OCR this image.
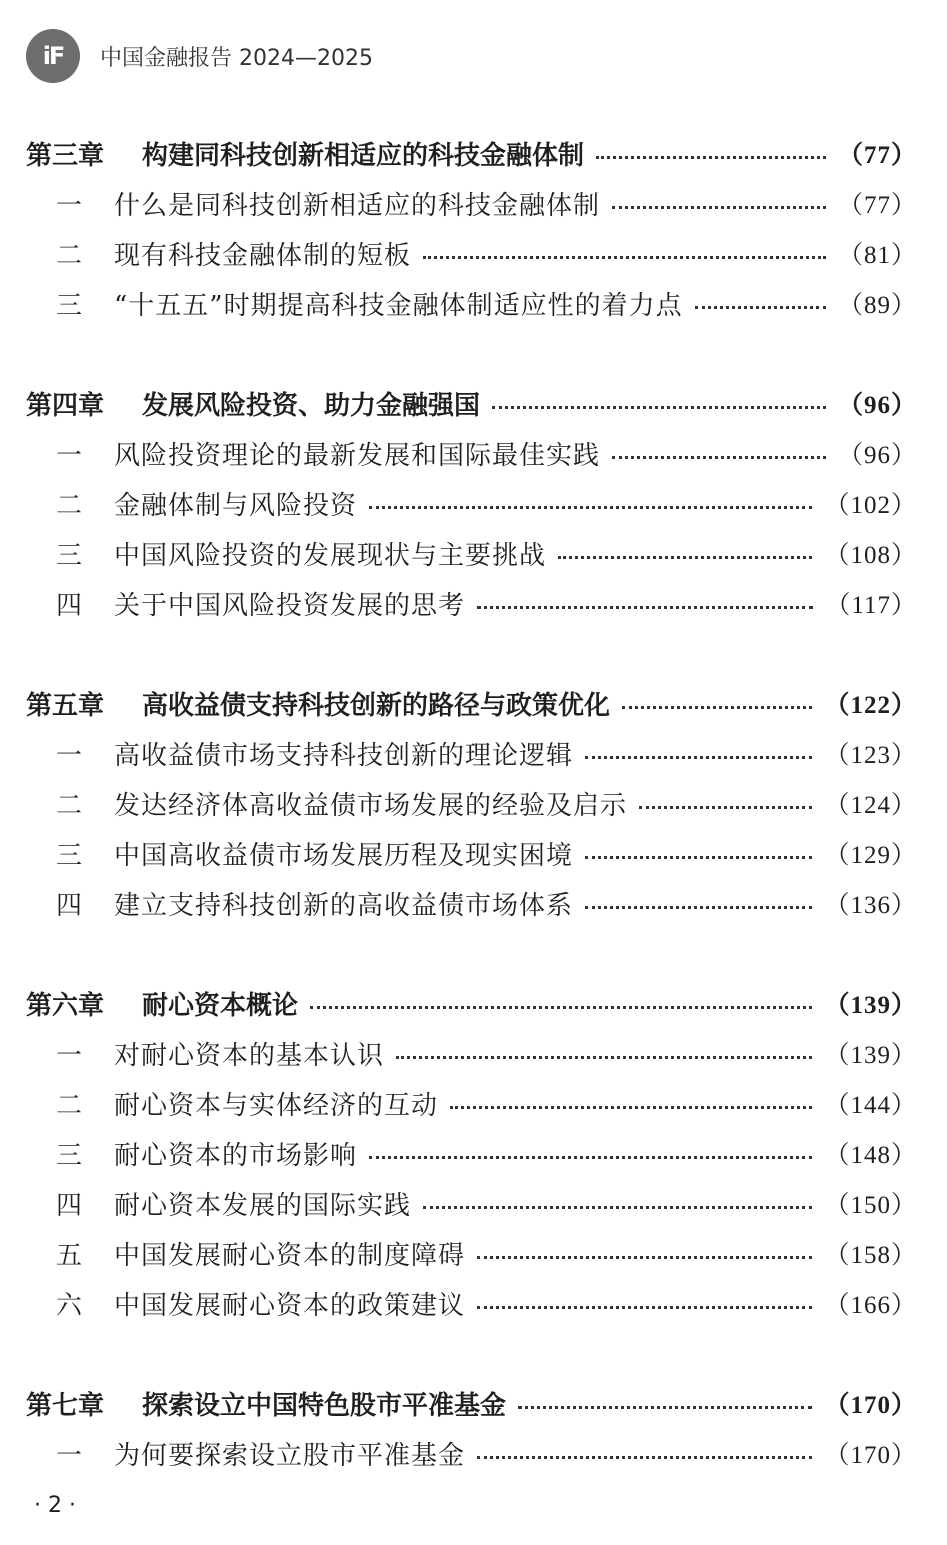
iF 中国金融报告 2024—2025
第三章	构建同科技创新相适应的科技金融体制	（77）
一	什么是同科技创新相适应的科技金融体制	（77）
二	现有科技金融体制的短板	（81）
三	“十五五”时期提高科技金融体制适应性的着力点	（89）
第四章	发展风险投资、助力金融强国	（96）
一	风险投资理论的最新发展和国际最佳实践	（96）
二	金融体制与风险投资	（102）
三	中国风险投资的发展现状与主要挑战	（108）
四	关于中国风险投资发展的思考	（117）
第五章	高收益债支持科技创新的路径与政策优化	（122）
一	高收益债市场支持科技创新的理论逻辑	（123）
二	发达经济体高收益债市场发展的经验及启示	（124）
三	中国高收益债市场发展历程及现实困境	（129）
四	建立支持科技创新的高收益债市场体系	（136）
第六章	耐心资本概论	（139）
一	对耐心资本的基本认识	（139）
二	耐心资本与实体经济的互动	（144）
三	耐心资本的市场影响	（148）
四	耐心资本发展的国际实践	（150）
五	中国发展耐心资本的制度障碍	（158）
六	中国发展耐心资本的政策建议	（166）
第七章	探索设立中国特色股市平准基金	（170）
一	为何要探索设立股市平准基金	（170）
· 2 ·
